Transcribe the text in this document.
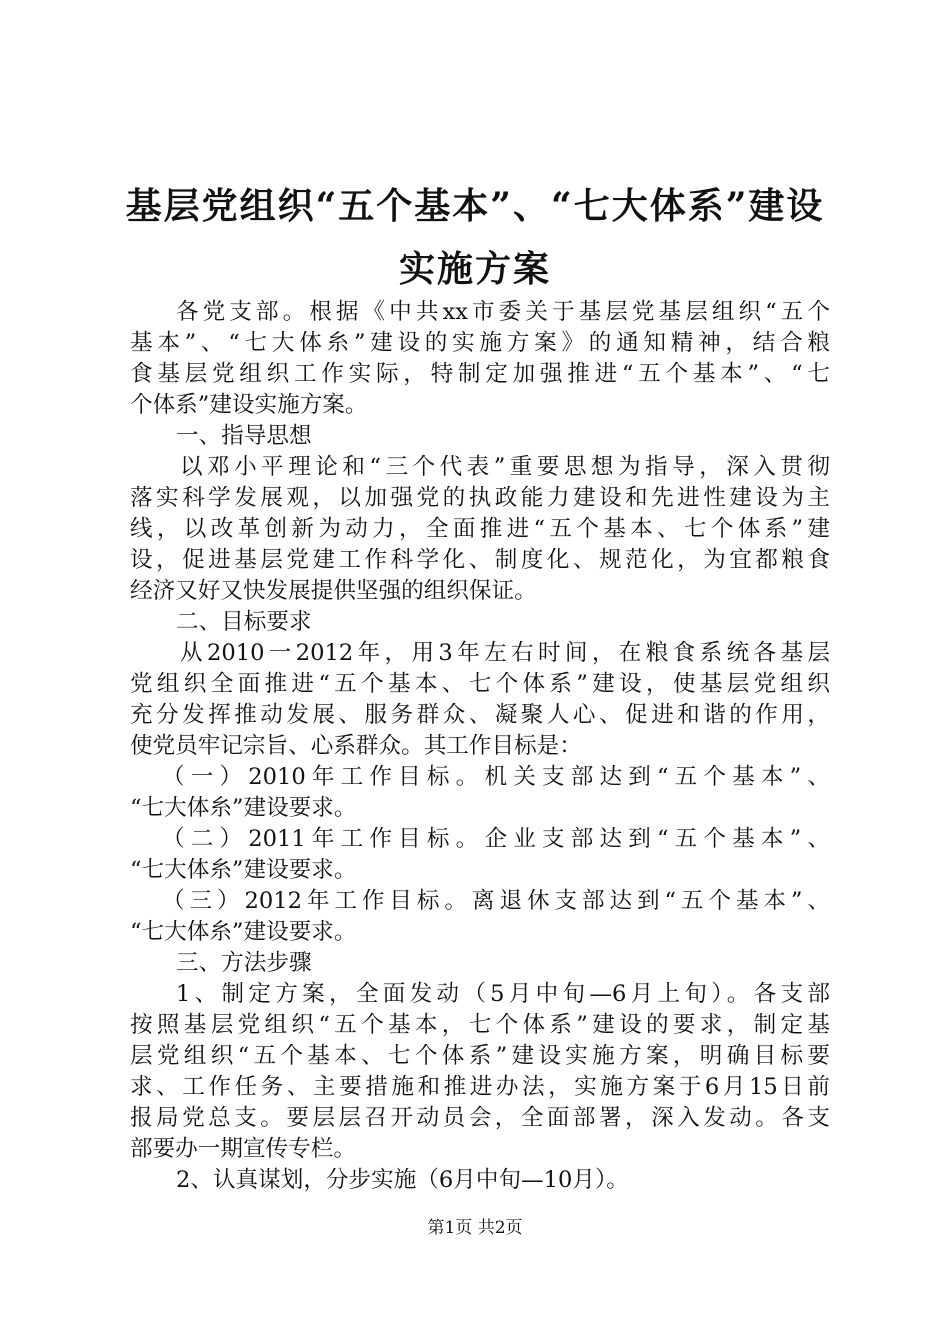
基层党组织“五个基本”、“七大体系”建设
实施方案
各党支部。根据《中共xx市委关于基层党基层组织“五个
基本”、“七大体糸”建设的实施方案》的通知精神，结合粮
食基层党组织工作实际，特制定加强推进“五个基本”、“七
个体系”建设实施方案。
一、指导思想
以邓小平理论和“三个代表”重要思想为指导，深入贯彻
落实科学发展观，以加强党的执政能力建设和先进性建设为主
线，以改革创新为动力，全面推进“五个基本、七个体系”建
设，促进基层党建工作科学化、制度化、规范化，为宜都粮食
经济又好又快发展提供坚强的组织保证。
二、目标要求
从2010一2012年，用3年左右时间，在粮食系统各基层
党组织全面推进“五个基本、七个体系”建设，使基层党组织
充分发挥推动发展、服务群众、凝聚人心、促进和谐的作用，
使党员牢记宗旨、心系群众。其工作目标是：
（一）2010年工作目标。机关支部达到“五个基本”、
“七大体糸”建设要求。
（二）2011年工作目标。企业支部达到“五个基本”、
“七大体糸”建设要求。
（三）2012年工作目标。离退休支部达到“五个基本”、
“七大体糸”建设要求。
三、方法步骤
1、制定方案，全面发动（5月中旬—6月上旬）。各支部
按照基层党组织“五个基本，七个体系”建设的要求，制定基
层党组织“五个基本、七个体系”建设实施方案，明确目标要
求、工作任务、主要措施和推进办法，实施方案于6月15日前
报局党总支。要层层召开动员会，全面部署，深入发动。各支
部要办一期宣传专栏。
2、认真谋划，分步实施（6月中旬—10月）。
第1页 共2页
